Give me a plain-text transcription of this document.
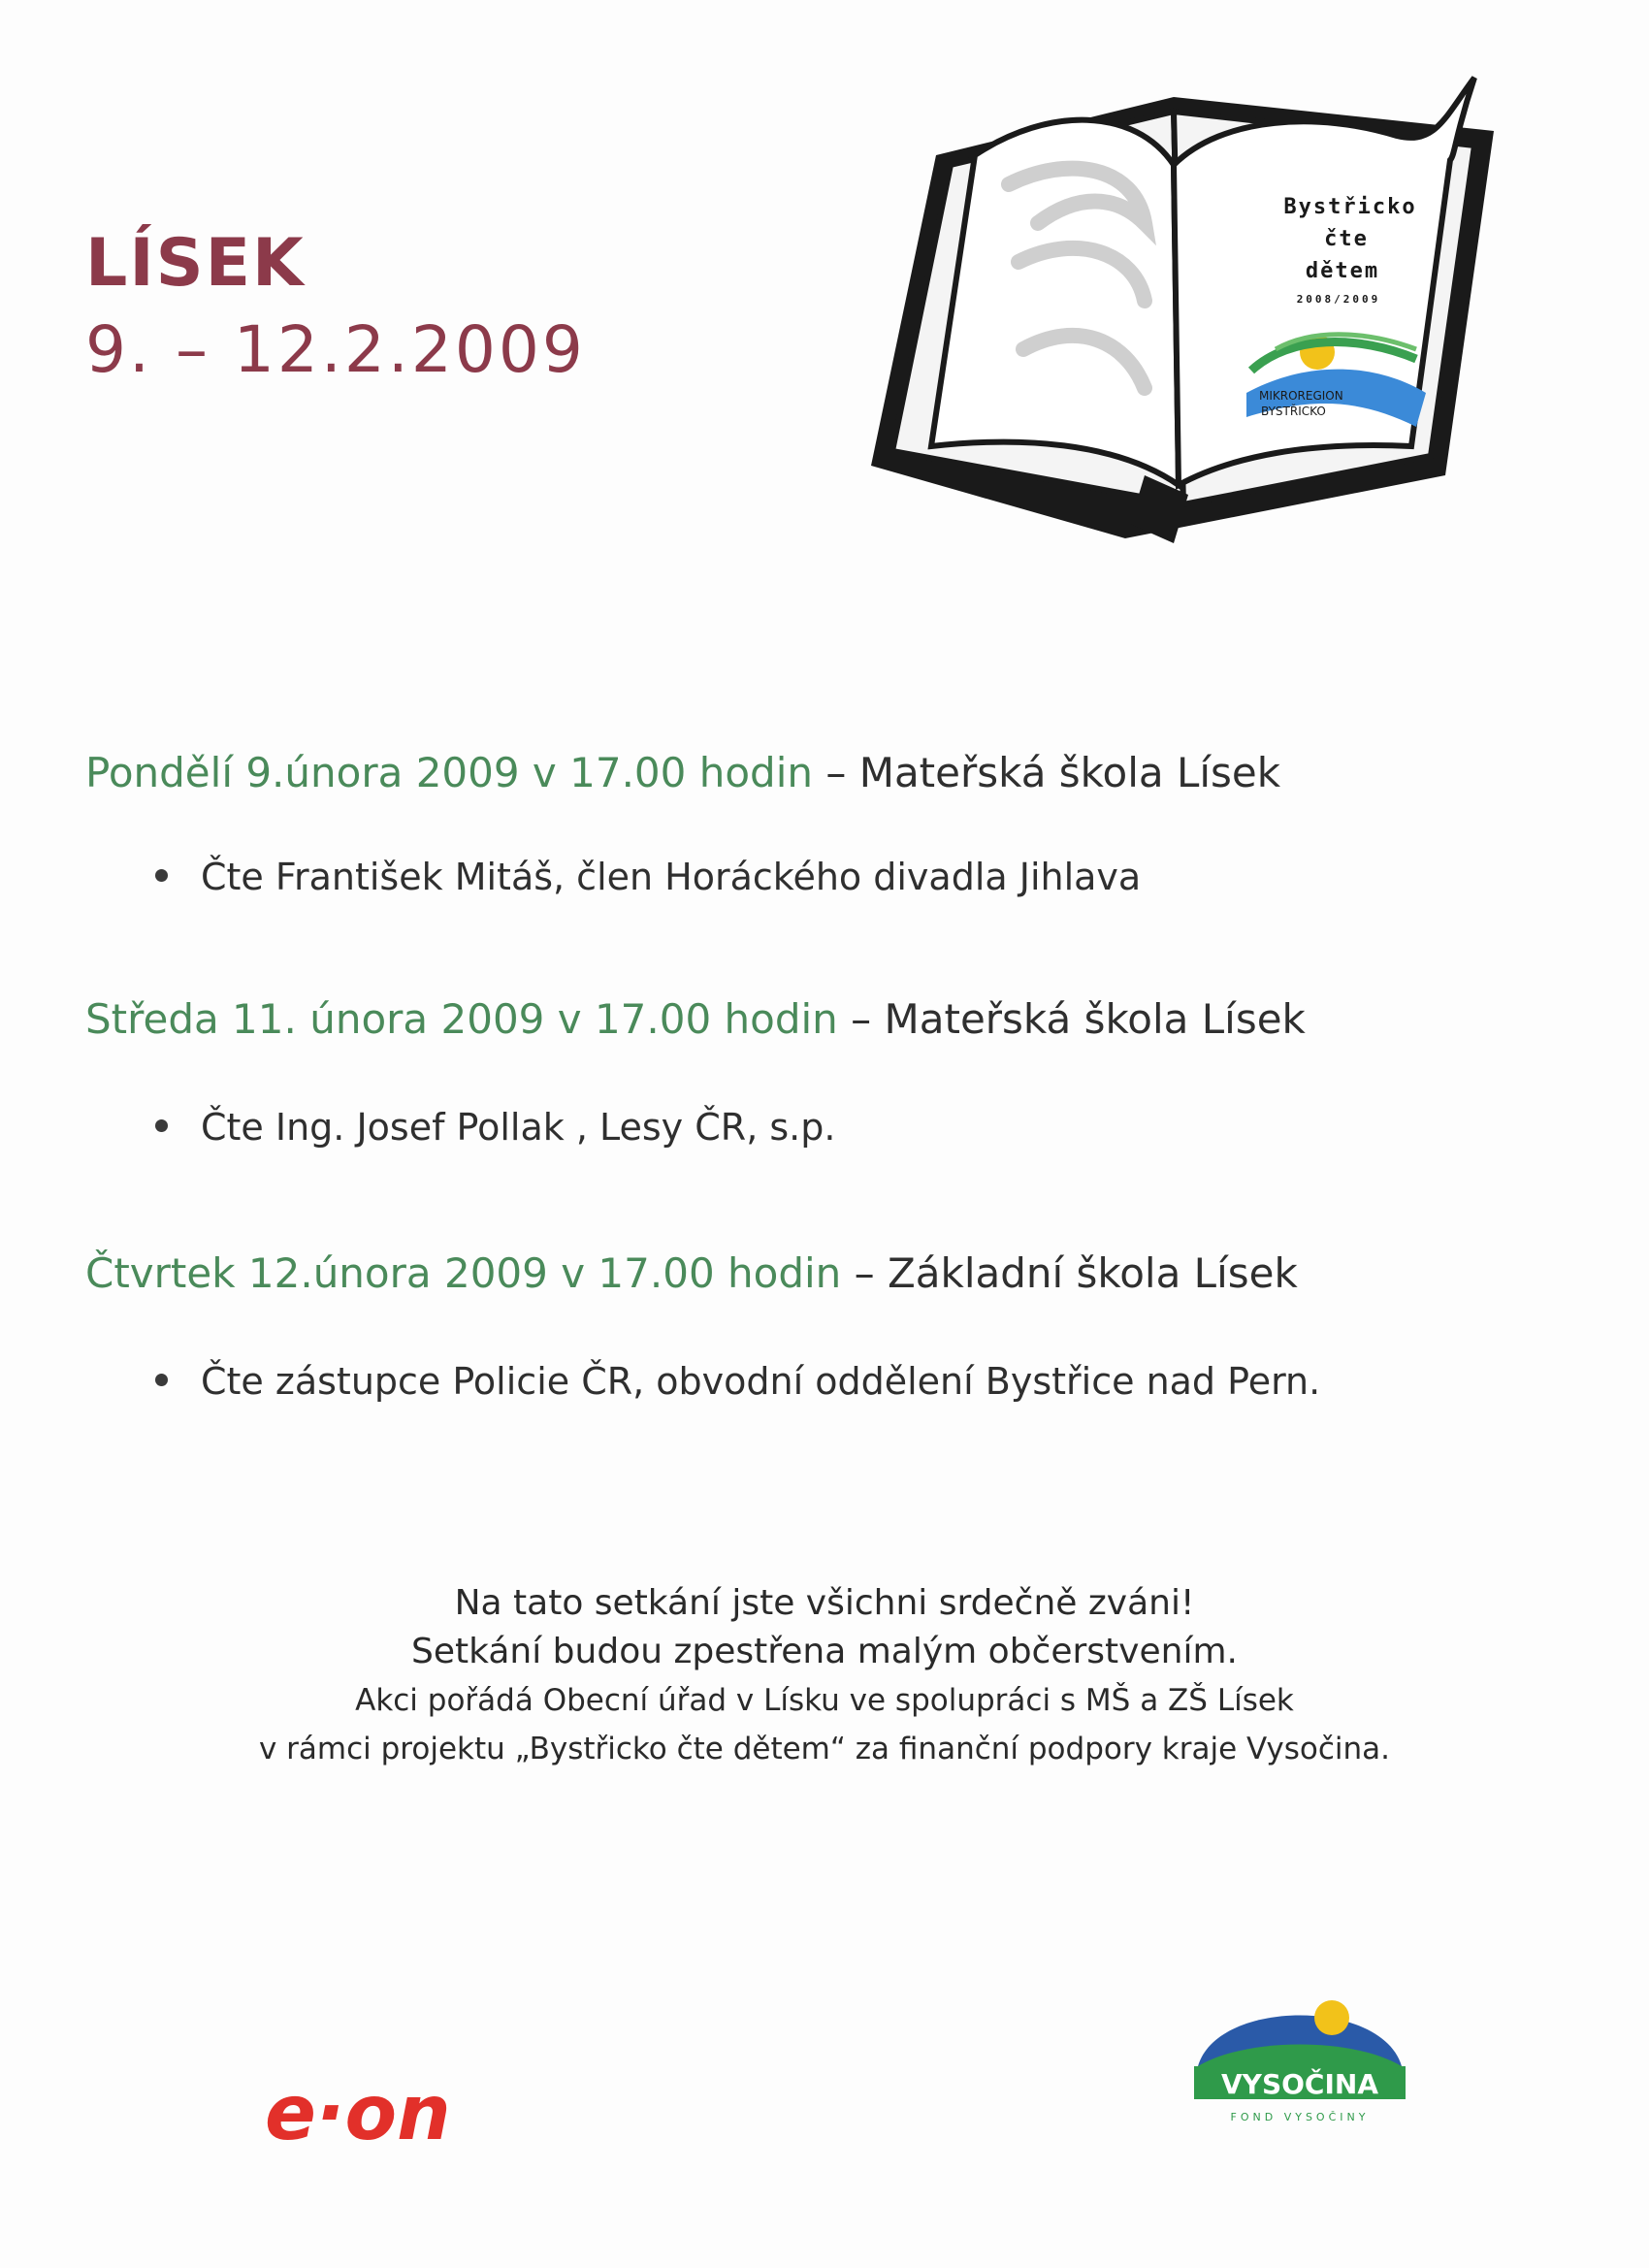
LÍSEK
9. – 12.2.2009
Bystřicko
čte
dětem
2008/2009
MIKROREGION
BYSTŘICKO
Pondělí 9.února 2009 v 17.00 hodin – Mateřská škola Lísek
Čte František Mitáš, člen Horáckého divadla Jihlava
Středa 11. února 2009 v 17.00 hodin – Mateřská škola Lísek
Čte Ing. Josef Pollak , Lesy ČR, s.p.
Čtvrtek 12.února 2009 v 17.00 hodin – Základní škola Lísek
Čte zástupce Policie ČR, obvodní oddělení Bystřice nad Pern.
Na tato setkání jste všichni srdečně zváni!
Setkání budou zpestřena malým občerstvením.
Akci pořádá Obecní úřad v Lísku ve spolupráci s MŠ a ZŠ Lísek
v rámci projektu „Bystřicko čte dětem“ za finanční podpory kraje Vysočina.
e·on	VYSOČINA
FOND VYSOČINY
